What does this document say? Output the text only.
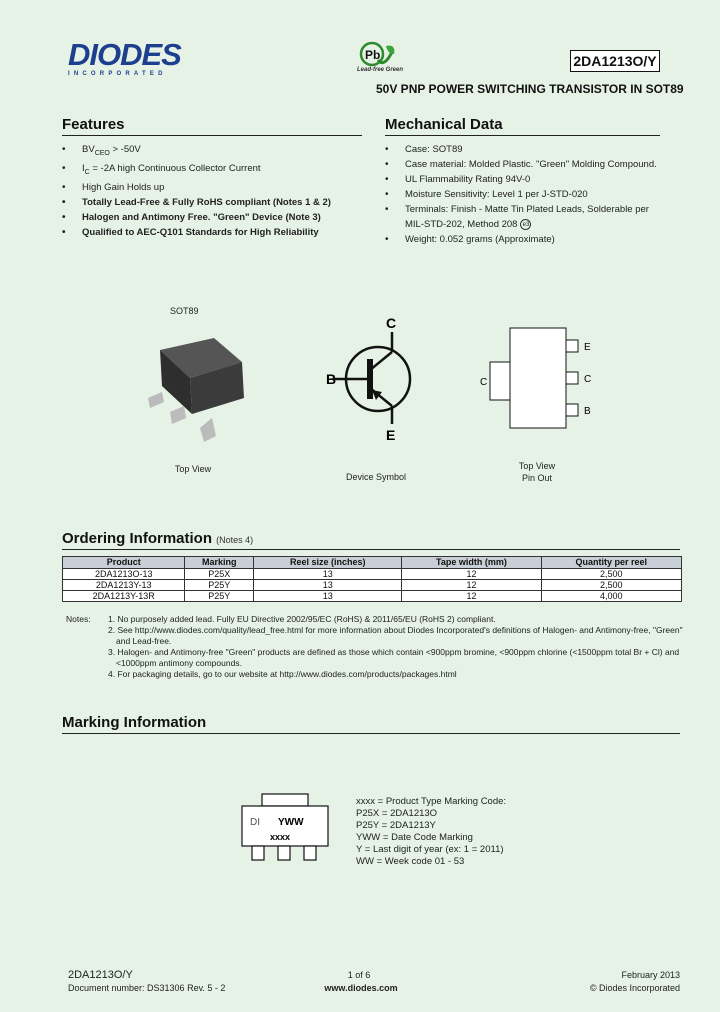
DIODES
INCORPORATED
Pb
Lead-free Green
2DA1213O/Y
50V PNP POWER SWITCHING TRANSISTOR IN SOT89
Features
• $BV_{CEO} > -50V$
• $I_C = -2A$ high Continuous Collector Current
• High Gain Holds up
• Totally Lead-Free & Fully RoHS compliant (Notes 1 & 2)
• Halogen and Antimony Free. "Green" Device (Note 3)
• Qualified to AEC-Q101 Standards for High Reliability
Mechanical Data
• Case: SOT89
• Case material: Molded Plastic. "Green" Molding Compound.
• UL Flammability Rating 94V-0
• Moisture Sensitivity: Level 1 per J-STD-020
• Terminals: Finish - Matte Tin Plated Leads, Solderable per MIL-STD-202, Method 208 e3
• Weight: 0.052 grams (Approximate)
SOT89
Top View
C
B
E
Device Symbol
E
C
B
C
Top View
Pin Out
Ordering Information (Notes 4)
Product	Marking	Reel size (inches)	Tape width (mm)	Quantity per reel
2DA1213O-13	P25X	13	12	2,500
2DA1213Y-13	P25Y	13	12	2,500
2DA1213Y-13R	P25Y	13	12	4,000
Notes: 1. No purposely added lead. Fully EU Directive 2002/95/EC (RoHS) & 2011/65/EU (RoHS 2) compliant.
2. See http://www.diodes.com/quality/lead_free.html for more information about Diodes Incorporated's definitions of Halogen- and Antimony-free, "Green"
and Lead-free.
3. Halogen- and Antimony-free "Green" products are defined as those which contain <900ppm bromine, <900ppm chlorine (<1500ppm total Br + Cl) and
<1000ppm antimony compounds.
4. For packaging details, go to our website at http://www.diodes.com/products/packages.html
Marking Information
DI YWW
xxxx
xxxx = Product Type Marking Code:
P25X = 2DA1213O
P25Y = 2DA1213Y
YWW = Date Code Marking
Y = Last digit of year (ex: 1 = 2011)
WW = Week code 01 - 53
2DA1213O/Y
Document number: DS31306 Rev. 5 - 2
1 of 6
www.diodes.com
February 2013
© Diodes Incorporated
